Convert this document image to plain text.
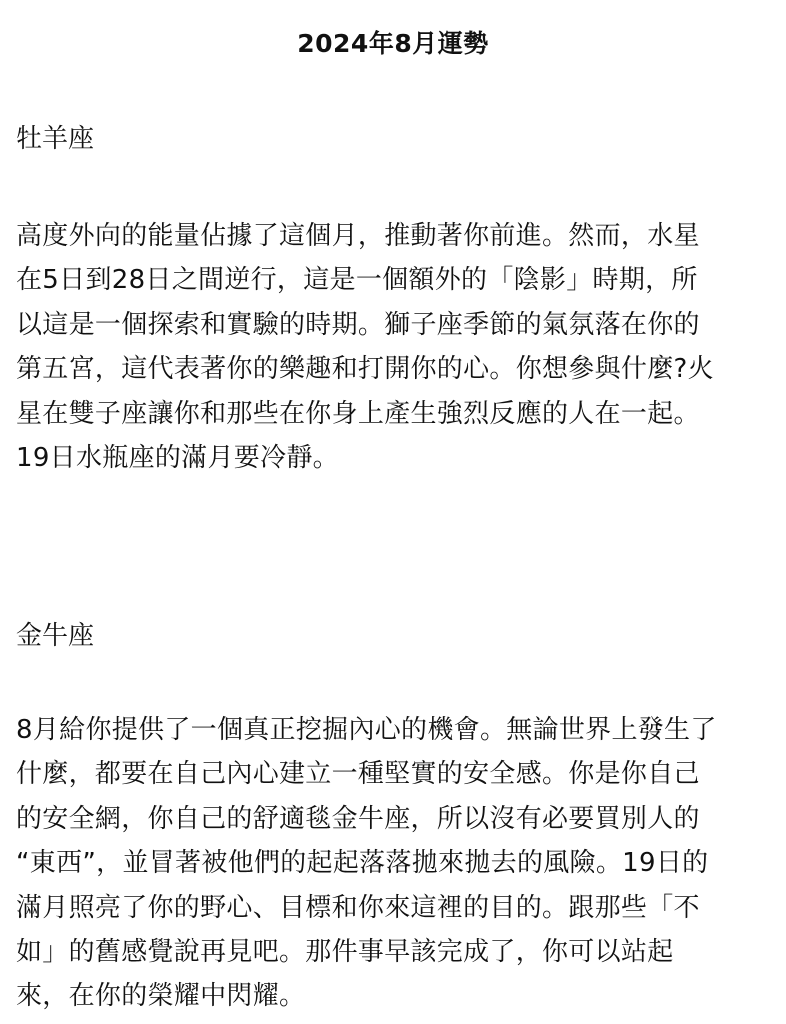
2024年8月運勢
牡羊座
高度外向的能量佔據了這個月，推動著你前進。然而，水星
在5日到28日之間逆行，這是一個額外的「陰影」時期，所
以這是一個探索和實驗的時期。獅子座季節的氣氛落在你的
第五宮，這代表著你的樂趣和打開你的心。你想參與什麼?火
星在雙子座讓你和那些在你身上產生強烈反應的人在一起。
19日水瓶座的滿月要冷靜。
金牛座
8月給你提供了一個真正挖掘內心的機會。無論世界上發生了
什麼，都要在自己內心建立一種堅實的安全感。你是你自己
的安全網，你自己的舒適毯金牛座，所以沒有必要買別人的
“東西”，並冒著被他們的起起落落拋來拋去的風險。19日的
滿月照亮了你的野心、目標和你來這裡的目的。跟那些「不
如」的舊感覺說再見吧。那件事早該完成了，你可以站起
來，在你的榮耀中閃耀。
